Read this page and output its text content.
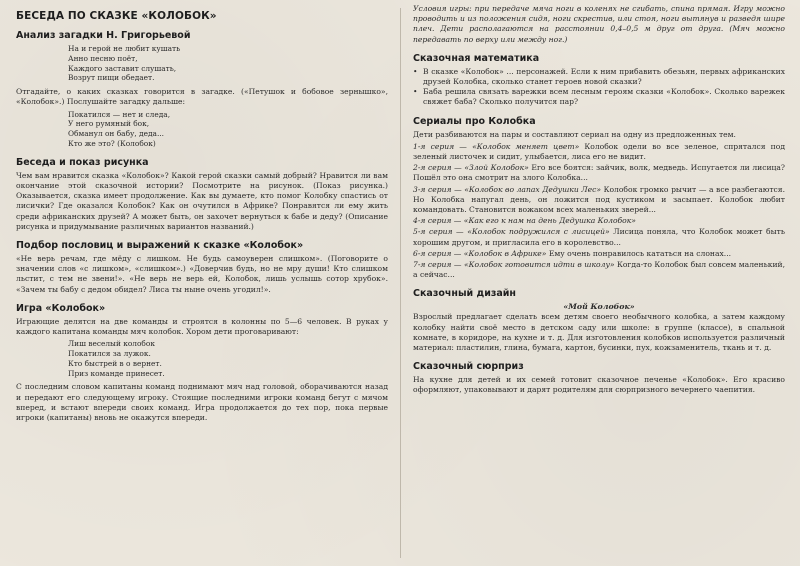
БЕСЕДА ПО СКАЗКЕ «КОЛОБОК»
Анализ загадки Н. Григорьевой
На и герой не любит кушать
Анно песню поёт,
Каждого заставит слушать,
Возрут пищи обедает.

Отгадайте, о каких сказках говорится в загадке. («Петушок и бобовое зернышко», «Колобок».) Послушайте загадку дальше:

Покатился — нет и следа,
У него румяный бок,
Обманул он бабу, деда...
Кто же это? (Колобок)
Беседа и показ рисунка

Чем вам нравится сказка «Колобок»? Какой герой сказки самый добрый? Нравится ли вам окончание этой сказочной истории? Посмотрите на рисунок. (Показ рисунка.) Оказывается, сказка имеет продолжение. Как вы думаете, кто помог Колобку спастись от лисички? Где оказался Колобок? Как он очутился в Африке? Понравятся ли ему жить среди африканских друзей? А может быть, он захочет вернуться к бабе и деду? (Описание рисунка и придумывание различных вариантов названий.)

Подбор пословиц и выражений к сказке «Колобок»

«Не верь речам, где мёду с лишком. Не будь самоуверен слишком». (Поговорите о значении слов «с лишком», «слишком».) «Доверчив будь, но не мру души! Кто слишком льстит, с тем не звени!». «Не верь не верь ей, Колобок, лишь услышь сотор хрубок». «Зачем ты бабу с дедом обидел? Лиса ты ныне очень угодил!».

Игра «Колобок»

Играющие делятся на две команды и строятся в колонны по 5—6 человек. В руках у каждого капитана команды мяч колобок. Хором дети проговаривают:

Лиш веселый колобок
Покатился за лужок.
Кто быстрей в о вернет.
Приз команде принесет.

С последним словом капитаны команд поднимают мяч над головой, оборачиваются назад и передают его следующему игроку. Стоящие последними игроки команд бегут с мячом вперед, и встают впереди своих команд. Игра продолжается до тех пор, пока первые игроки (капитаны) вновь не окажутся впереди.

Условия игры: при передаче мяча ноги в коленях не сгибать, спина прямая. Игру можно проводить и из положения сидя, ноги скрестив, или стоя, ноги вытянув и разведя шире плеч. Дети располагаются на расстоянии 0,4–0,5 м друг от друга. (Мяч можно передавать по верху или между ног.)

Сказочная математика
• В сказке «Колобок» ... персонажей. Если к ним прибавить обезьян, первых африканских друзей Колобка, сколько станет героев новой сказки?
• Баба решила связать варежки всем лесным героям сказки «Колобок». Сколько варежек свяжет баба? Сколько получится пар?
Сериалы про Колобка

Дети разбиваются на пары и составляют сериал на одну из предложенных тем.

1-я серия — «Колобок меняет цвет» Колобок одели во все зеленое, спрятался под зеленый листочек и сидит, улыбается, лиса его не видит.

2-я серия — «Злой Колобок» Его все боятся: зайчик, волк, медведь. Испугается ли лисица? Пошёл это она смотрит на злого Колобка...

3-я серия — «Колобок во лапах Дедушки Лес» Колобок громко рычит — а все разбегаются. Но Колобка напугал день, он ложится под кустиком и засыпает. Колобок любит командовать. Становится вожаком всех маленьких зверей...

4-я серия — «Как его к нам на день Дедушка Колобок»

5-я серия — «Колобок подружился с лисицей» Лисица поняла, что Колобок может быть хорошим другом, и пригласила его в королевство...

6-я серия — «Колобок в Африке» Ему очень понравилось кататься на слонах...

7-я серия — «Колобок готовится идти в школу» Когда-то Колобок был совсем маленький, а сейчас...

Сказочный дизайн
«Мой Колобок»

Взрослый предлагает сделать всем детям своего необычного колобка, а затем каждому колобку найти своё место в детском саду или школе: в группе (классе), в спальной комнате, в коридоре, на кухне и т. д. Для изготовления колобков используется различный материал: пластилин, глина, бумага, картон, бусинки, пух, кожзаменитель, ткань и т. д.

Сказочный сюрприз

На кухне для детей и их семей готовит сказочное печенье «Колобок». Его красиво оформляют, упаковывают и дарят родителям для сюрпризного вечернего чаепития.
